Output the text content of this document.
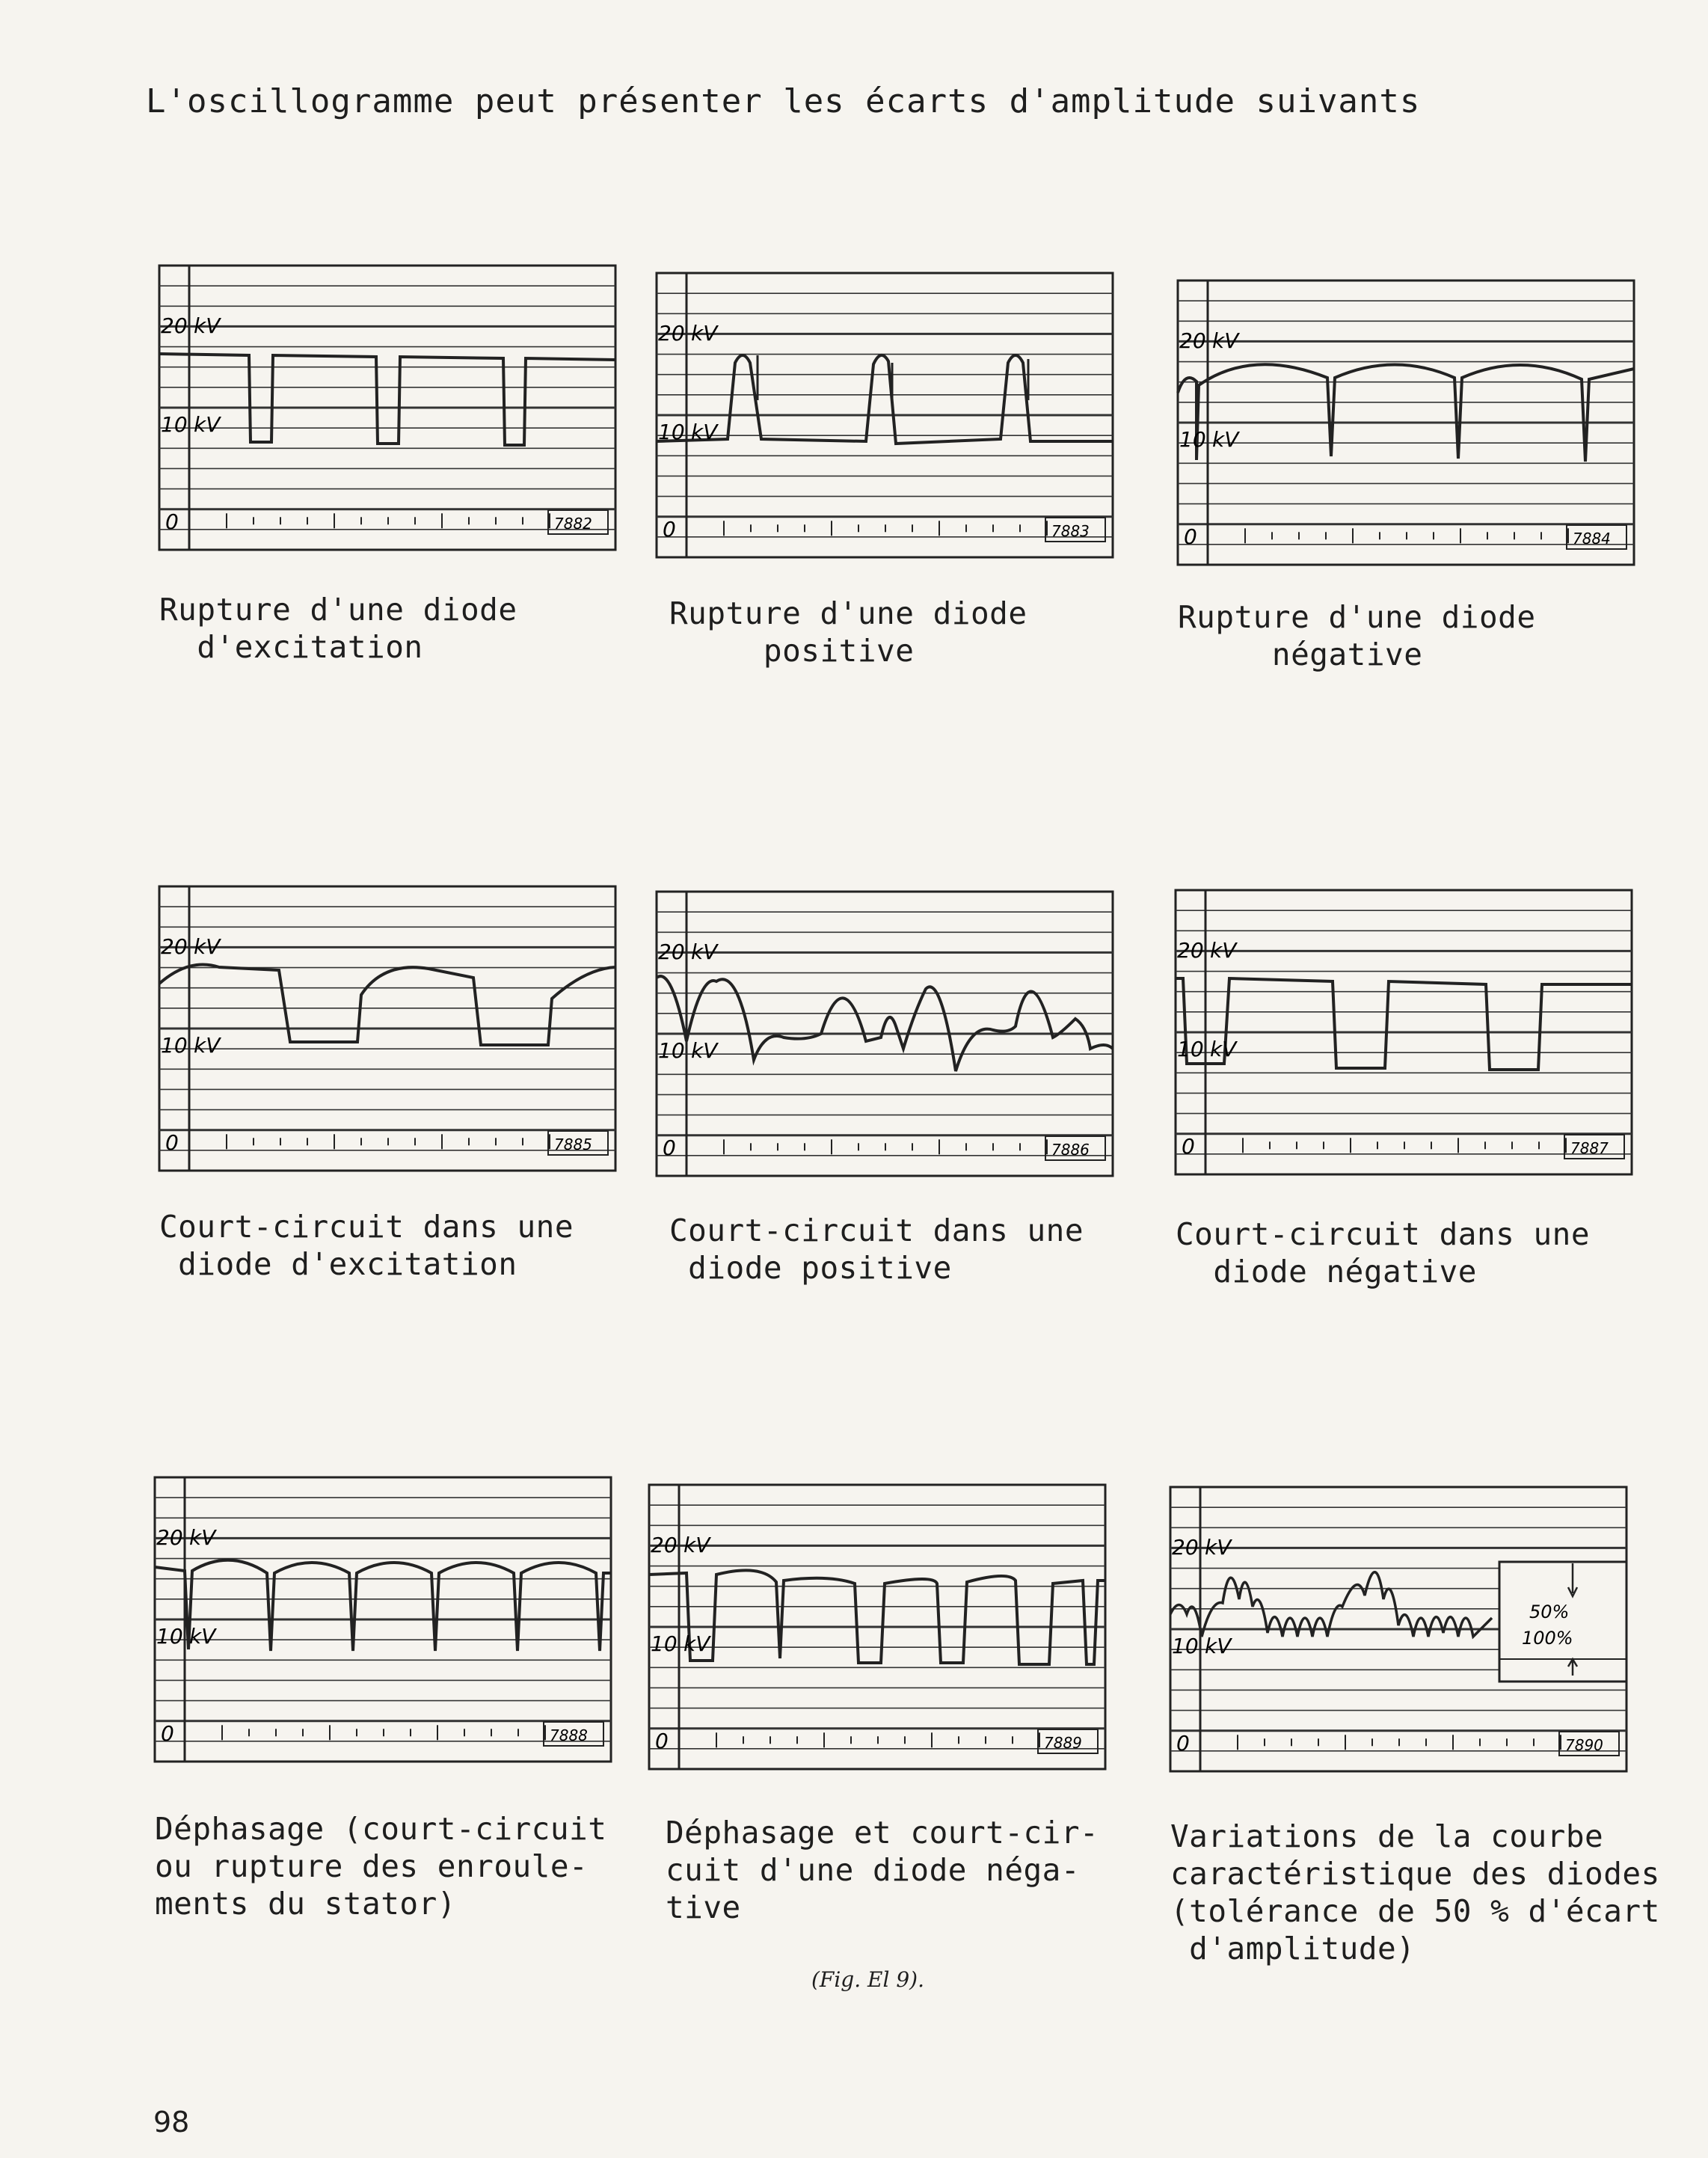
L'oscillogramme peut présenter les écarts d'amplitude suivants
20 kV
10 kV
0	7882
Rupture d'une diode
d'excitation
20 kV
10 kV
0	7883
Rupture d'une diode
positive
20 kV
10 kV
0	7884
Rupture d'une diode
négative
20 kV
10 kV
0	7885
Court-circuit dans une
diode d'excitation
20 kV
10 kV
0	7886
Court-circuit dans une
diode positive
20 kV
10 kV
0	7887
Court-circuit dans une
diode négative
20 kV
10 kV
0	7888
Déphasage (court-circuit
ou rupture des enroule-
ments du stator)
20 kV
10 kV
0	7889
Déphasage et court-cir-
cuit d'une diode néga-
tive
50%
100%
20 kV
10 kV
0	7890
Variations de la courbe
caractéristique des diodes
(tolérance de 50 % d'écart
d'amplitude)
(Fig. El 9).
98
